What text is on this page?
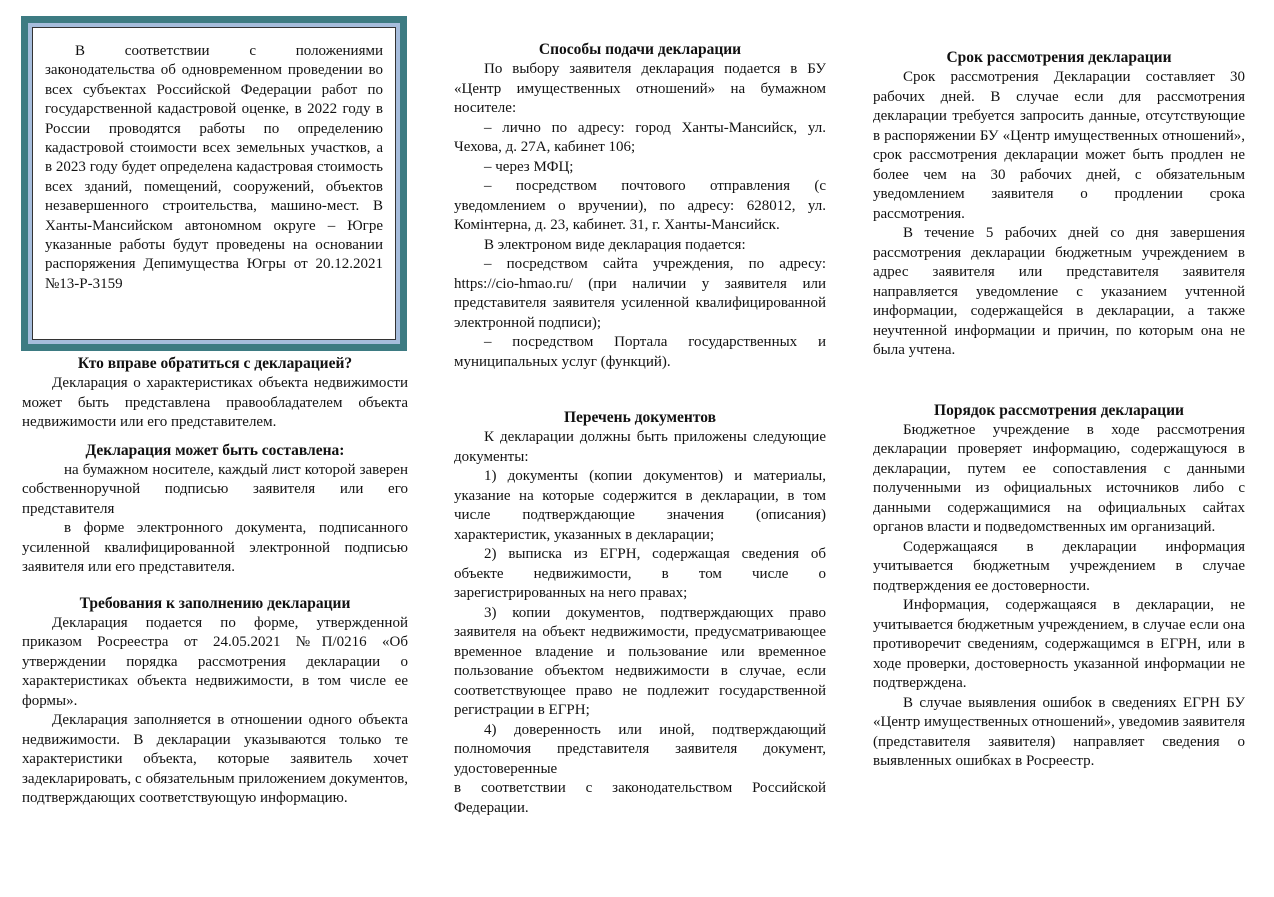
В соответствии с положениями законодательства об одновременном проведении во всех субъектах Российской Федерации работ по государственной кадастровой оценке, в 2022 году в России проводятся работы по определению кадастровой стоимости всех земельных участков, а в 2023 году будет определена кадастровая стоимость всех зданий, помещений, сооружений, объектов незавершенного строительства, машино-мест. В Ханты-Мансийском автономном округе – Югре указанные работы будут проведены на основании распоряжения Депимущества Югры от 20.12.2021 №13-Р-3159

Кто вправе обратиться с декларацией?

Декларация о характеристиках объекта недвижимости может быть представлена правообладателем объекта недвижимости или его представителем.

Декларация может быть составлена:

на бумажном носителе, каждый лист которой заверен собственноручной подписью заявителя или его представителя

в форме электронного документа, подписанного усиленной квалифицированной электронной подписью заявителя или его представителя.

Требования к заполнению декларации

Декларация подается по форме, утвержденной приказом Росреестра от 24.05.2021 №П/0216 «Об утверждении порядка рассмотрения декларации о характеристиках объекта недвижимости, в том числе ее формы».

Декларация заполняется в отношении одного объекта недвижимости. В декларации указываются только те характеристики объекта, которые заявитель хочет задекларировать, с обязательным приложением документов, подтверждающих соответствующую информацию.

Способы подачи декларации

По выбору заявителя декларация подается в БУ «Центр имущественных отношений» на бумажном носителе:

– лично по адресу: город Ханты-Мансийск, ул. Чехова, д. 27А, кабинет 106;

– через МФЦ;

– посредством почтового отправления (с уведомлением о вручении), по адресу: 628012, ул. Комінтерна, д. 23, кабинет. 31, г. Ханты-Мансийск.

В электроном виде декларация подается:

– посредством сайта учреждения, по адресу: https://cio-hmao.ru/ (при наличии у заявителя или представителя заявителя усиленной квалифицированной электронной подписи);

– посредством Портала государственных и муниципальных услуг (функций).

Перечень документов

К декларации должны быть приложены следующие документы:

1) документы (копии документов) и материалы, указание на которые содержится в декларации, в том числе подтверждающие значения (описания) характеристик, указанных в декларации;

2) выписка из ЕГРН, содержащая сведения об объекте недвижимости, в том числе о зарегистрированных на него правах;

3) копии документов, подтверждающих право заявителя на объект недвижимости, предусматривающее временное владение и пользование или временное пользование объектом недвижимости в случае, если соответствующее право не подлежит государственной регистрации в ЕГРН;

4) доверенность или иной, подтверждающий полномочия представителя заявителя документ, удостоверенные

в соответствии с законодательством Российской Федерации.

Срок рассмотрения декларации

Срок рассмотрения Декларации составляет 30 рабочих дней. В случае если для рассмотрения декларации требуется запросить данные, отсутствующие в распоряжении БУ «Центр имущественных отношений», срок рассмотрения декларации может быть продлен не более чем на 30 рабочих дней, с обязательным уведомлением заявителя о продлении срока рассмотрения.

В течение 5 рабочих дней со дня завершения рассмотрения декларации бюджетным учреждением в адрес заявителя или представителя заявителя направляется уведомление с указанием учтенной информации, содержащейся в декларации, а также неучтенной информации и причин, по которым она не была учтена.

Порядок рассмотрения декларации

Бюджетное учреждение в ходе рассмотрения декларации проверяет информацию, содержащуюся в декларации, путем ее сопоставления с данными полученными из официальных источников либо с данными содержащимися на официальных сайтах органов власти и подведомственных им организаций.

Содержащаяся в декларации информация учитывается бюджетным учреждением в случае подтверждения ее достоверности.

Информация, содержащаяся в декларации, не учитывается бюджетным учреждением, в случае если она противоречит сведениям, содержащимся в ЕГРН, или в ходе проверки, достоверность указанной информации не подтверждена.

В случае выявления ошибок в сведениях ЕГРН БУ «Центр имущественных отношений», уведомив заявителя (представителя заявителя) направляет сведения о выявленных ошибках в Росреестр.
